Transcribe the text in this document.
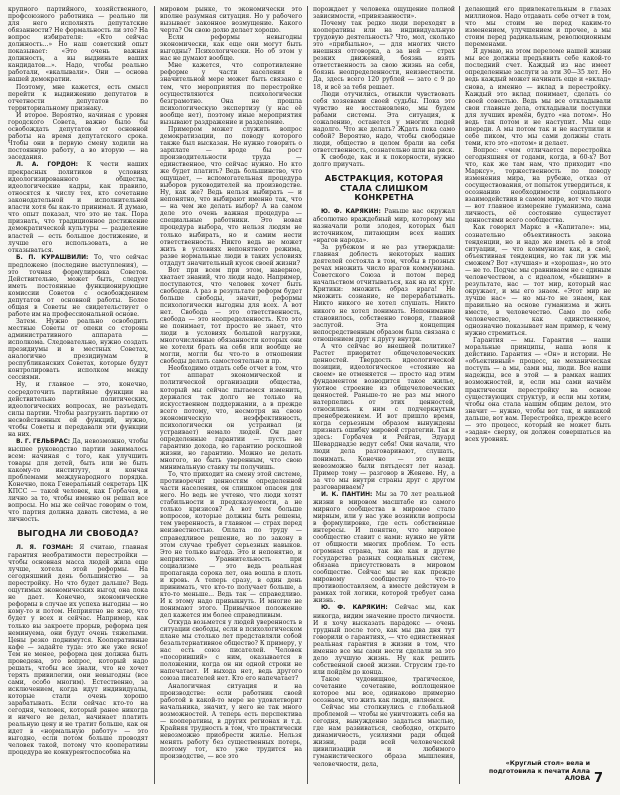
крупного партийного, хозяйственного, профсоюзного работника — реально ли для него исполнять депутатские обязанности? Не формальность ли это? На вопрос избирателя: «Кто сейчас должность...» Но наш советский опыт показывает: «Это очень важная должность, а вы выдвиньте ваших кандидатов...». Надо, чтобы реально работали, «вкалывали». Они — основа нашей демократии.

Поэтому, мне кажется, есть смысл перейти к выдвижению депутатов в отчетности депутатов по территориальному признаку.

И второе. Вероятно, начиная с уровня городского Совета, важно было бы освобождать депутатов от основной работы на время депутатского срока. Чтобы они в первую смену ходили на постоянную работу, а во вторую — на заседания.

Л. А. ГОРДОН: К чести наших прекрасных политиков в условиях идеологизированного общества, идеологические кадры, как правило, относятся к числу тех, кто сочетание законодательной и исполнительной власти хотя бы как-то принимал. Я думаю, что опыт показал, что это не так. Пора признать, что традиционное достижение демократической культуры — разделение властей — есть большое достижение, и лучше его использовать, а не отказываться.

Б. П. КУРАШВИЛИ: То, что сейчас предложено (последние выступления), — это точная формулировка Советов. Действительно, может быть, следует иметь постоянные функционирующие комиссии Советов с освобождением депутатов от основной работы. Более общая в Советы не свидетельствует о работе им на профессиональной основе.

Затем. Нужно реально освободить местные Советы от опеки со стороны административного аппарата — исполкома. Следовательно, нужно создать президиумы и в местных Советах, аналогично президиумам в республиканских Советах, которые будут контролировать исполком между сессиями.

Ну, и главное — это, конечно, сосредоточить партийные функции на действительно политических, идеологических вопросах, не разъедать силы партии. Чтобы разгрузить партию от несвойственных ей функций, нужно, чтобы Советы и передавали эти функции на них.

В. Г. ГЕЛЬБРАС: Да, невозможно, чтобы высшее руководство партии занималось всем: начиная с того, как улучшить товары для детей, быть или не быть какому-то институту, и кончая проблемами международного порядка. Конечно, пока Генеральный секретарь ЦК КПСС — такой человек, как Горбачев, и лично за то, чтобы именно он решал все вопросы. Но мы же сейчас говорим о том, что партия должна давать система, а не личность.

ВЫГОДНА ЛИ СВОБОДА?

Л. Я. ГОЗМАН: Я считаю, главная гарантия необратимости перестройки — чтобы основная масса людей жила еще лучше, хотела этой реформы. На сегодняшний день большинство — за перестройку. Но что будет дальше? Ведь ощутимых экономических выгод она пока не дает. Конечно, экономические реформы в случае их успеха выгодны — но кому-то и потом. Неприятно не ясно, что будет у всех и сейчас. Например, как только вы закроете прорыв, реформа цен неминуема, они будут очень тяжелыми. Цены резко поднимутся. Кооперативные кафе — задайте туда: это же уже ясно! Тем не менее, реформа цен должна быть проведена, это вопрос, который надо решать, чтобы все знали, что не хочет терять привилегии, они невыгодны (все сами, особо многим). Естественно, за исключением, когда идут индивидуалы, которые стали очень хорошо зарабатывать. Если сейчас кто-то на сегодня, человек, который ранее никогда и ничего не делал, начинает платить реальную цену и не тратит больше, как он идет в «нормальную работу» — это выгодно, если потом больше проводят человек такой, потому что кооперативы процедура не конкурентоспособна на

мировом рынке, то экономически это вполне разумная ситуация. Но у рабочего вызывает законное возмущение. Какого черта? Он свою долю делает хорошо.

Если реформы невыгодны экономически, как еще они могут быть выгодны? Психологически. Но об этом у нас не думают вообще.

Мне кажется, что сопротивление реформе у части населения в значительной мере может быть связано с тем, что мероприятия по перестройке осуществляются психологически безграмотно. Она не прошла психологическую экспертизу (у нас её вообще нет), поэтому иные мероприятия вызывают раздражение и разделение.

Примером может служить вопрос демократизации, по поводу которого также был высказан. Не нужно говорить о зарплате — вроде бы рост производительности труда — единственное, что сейчас нужно. Но кто же будет платить? Ведь большинство, что ощущает, — вспомогательная процедура выборов руководителей на производстве. Ну, как же? Ведь нельзя выбирать — и непонятно, что выбирают именно так, что — на чем же делать выбор? А на самом деле это очень важная процедура — специальные работники. Это новая процедура выбора, что нельзя людям не только выбирать, но и самим нести ответственность. Никто ведь не может жить в условиях непонятного режима, разве нормальные люди в таких условиях отдадут значительный кусок своей жизни?

Вот при всем при этом, наверное, хватает знаний, что люди надо. Например, поступаются, что человек хочет быть свободен. А раз в результате реформ будет больше свободы, значит, реформы психологически выгодны для всех. А вот нет. Свобода — это ответственность, свобода — это неопределенность. Кто это не понимает, тот просто не знает, что люди в условиях большой нагрузки, многочисленные обязанности которых они не хотели брать на себя или вообще не могли, могли бы что-то в отношении свободы делать самостоятельно и пр.

Необходимо отдать себе отчет в том, что тот аппарат экономической и политической организации общества, который мы сейчас пытаемся изменить, держался так долго не только на искусственном поддержании, а в прежде всего потому, что, несмотря на свою экономическую неэффективность, психологически он устраивал (и устраивает) немало людей. Он дает определенные гарантии — пусть не гарантию дохода, но гарантию роскошной жизни, но гарантию. Можно не делать многого, но быть уверенным, что свою минимальную ставку ты получишь.

То, что приходит на смену этой системе, противоречит ценностям определенной части населения, он слишком опасен для него. Но ведь не учтено, что люди хотят стабильности и предсказуемости, а не только кризисов? А вот тем больше вопросов, которые должны быть решены, тем уверенность, в главном — страх перед неизвестностью. Оплата по труду — справедливое решение, но по закону в этом случае требует серьезных навыков. Это не только выгода. Это и непонятно, и неприятно. Уравнительность при социализме — это ведь реальная пропаганда сорока лет, она вошла в плоть и кровь. А теперь сразу, в один день принимать, что кто-то получает больше, а кто-то меньше... Ведь так — справедливо. И к этому надо привыкнуть. И многие не понимают этого. Привычное положение дел кажется им более справедливым.

Откуда возьмется у людей уверенность в ситуации свободы, если в психологическом плане мы столько лет представляли собой безальтернативное общество? К примеру, у нас есть союз писателей. Человек «посоривший» с ним, оказывается в положении, когда он ни одной строки не напечатает. И выхода нет, ведь другого союза писателей нет. Кто его напечатает?

Аналогичная ситуация и на производстве: если работник своей работой в какой-то мере не удовлетворит начальника, значит, у него не так много возможностей. А теперь есть перспектива — кооперативы, в других регионах и т.д. Крайняя трудность в том, что практически невозможно приобрести жилье. Нельзя менять работу без существенных потерь, поэтому тот, кто уже трудится на производстве, — все это

порождает у человека ощущение полной зависимости, «привязанности».

Почему так редко люди переходят в кооперативы или на индивидуальную трудовую деятельность? Что, мол, сколько это «прибыльно», — для многих чисто внешняя отговорка, а за ней — страх резких движений, боязнь взять ответственность за свою жизнь на себя, боязнь неопределенности, неизвестности. Да, здесь всего 120 рублей — зато с 9 до 18, и всё за тебя решает.

Люди отучились, отвыкли чувствовать себя хозяевами своей судьбы. Пока это чувство не восстановлено, мы будем рабами системы. Эта ситуация, к сожалению, останется у многих людей надолго. Что же делать? Ждать пока само собой? Вероятно, надо, чтобы свободные люди, общество в целом брали на себя ответственность, сознательно шли на риск.

К свободе, как и к покорности, нужно долго приучать.

АБСТРАКЦИЯ, КОТОРАЯ СТАЛА СЛИШКОМ КОНКРЕТНА

Ю. Ф. КАРЯКИН: Раньше нас окружал абсолютно враждебный мир, которому мы назначали роли злодея, которых был источником, питающим всех наших «врагов народа».

За рубежом и не раз утверждали: главная доблесть некоторых наших деятелей состояла в том, чтобы в грозных речах множить число врагов коммунизма. Советского Союза и потом перед начальством отчитываться, как на их круг. Критики: множить образ врага! Не множить сознание, не перерабатывать. Никто никого не хотел слушать. Никто никого не хотел понимать. Непонимание становилось, собственно говоря, главной заслугой. Эта концепция непосредственным образом была связана с отношением друг к другу внутри.

А что сейчас во внешней политике? Растет приоритет общечеловеческих ценностей. Твердость идеологической позиции, идеологическое «стояние на своем» не отменяется — просто над этим фундаментом возводится такое жилье, уютное строение из общечеловеческих ценностей. Раньше-то не раз мы много натерпелись от этих ценностей, относились к ним с подчеркнутым пренебрежением. И вот пришло время, когда серьезным образом вынуждены признать ошибку мировой стратегии. Так и здесь: Горбачев и Рейган, Эдуард Шеварднадзе ведут себя! Они начали, что люди дела разговаривают, слушать, понимать. Конечно — это вещи невозможно были пятьдесят лет назад. Пример тому — разговор в Женеве. Ну, а за что мы внутри страны друг с другом разговариваем?

И. К. ПАНТИН: Мы за 70 лет реальной жизни в мировом масштабе из самого мирного сообщества в мировое стало мирным, или у нас уже возникли вопросы в формулировке, где есть собственные интересы. И понятно, что мировое сообщество ставит с нами: нужно не уйти от общности многих проблем. То есть огромная страна, так же как и другие государства разных социальных систем, обязана присутствовать в мировом сообществе. Сейчас мы не как прежде мировому сообществу что-то противопоставляем, а вместе действуем в рамках той логики, которой требует сама жизнь.

Ю. Ф. КАРЯКИН: Сейчас мы, как никогда, видим значение просто личности. И я хочу высказать парадокс — очень трудный после того, как мы два дня тут говорили о гарантиях, — что единственная реальная гарантия в жизни в том, что именно все мы сами нести сделали за это дело лучшую жизнь. Ну как решить собственной своей жизни. Струсим где-то или пойдём до конца.

Такое чудовищное, трагическое, сочетание сочетание, воплощенное которое мы все, одинаково примерно осознаем, что жить как люди, являемся.

Сейчас мы столкнулись с глобальной проблемой — чтобы не уничтожить себя на сегодня, вынужденно задаться мыслью, где нам развиваться, свободно, открыто динамичность, усилиями ради общей жизни, ради всей человеческой цивилизации и любимого гуманистического образа мышления, человечности, дела,

делающий его привлекательным в глазах миллионов. Надо отдавать себе отчет в том, что мы стоим не перед каким-то изменением, улучшением и прочее, а мы стоим перед радикальным, революционным переменами.

Я думаю, на этом переломе нашей жизни мы все должны предъявить себе какой-то последний счет. Каждый из нас имеет определенные заслуги за эти 30—35 лет. Но ведь каждый может начинать еще и «вклад» снова, а именно — вклад в перестройку. Каждый это вклад понимает, сделать со своей совестью. Ведь мы все откладывали свои главные дела, откладывали поступки для лучших времён, будто «на потом». Но ведь так потом и не наступит. Мы еще впереди. А мы потом так и не наступили и себе пиком, что мы сами должны стать теми, кто это «потом» и делает.

Вопрос: «чем отличается перестройка сегодняшняя от годами, когда, в 60-х? Вот что, как же там нам, что приходит «по Марксу», торжественность по поводу изменения мира, на рубеже, отказ от сосуществования, от попыток утвердиться, к осознанию необходимости социального взаимодействия в самом мире, вот что люди — вот главное измерение гуманизма, сама личность, её состояние существует ценностями всего сообщества.

Как говорил Маркс в «Капитале»: мы, сознательно объективность закона тенденции, но и надо же иметь её в этой ситуации, — что коммунизм как, в своё, объективная тенденция, но так ли уж мы сможем? Вот «лучшая» и «хорошая», но это — не то. Подчас мы сравниваем не с единым человечеством, а с идеалом, «бывшим» в результате, нас — тот мир, который нас окружает, и мы его знаем. «Этот мир не лучше нас» — но мы-то не знаем, как правильно на основе гуманизма и жить вместе, в человечество. Само по себе человечество, как единственное, однозначно показывает нам пример, к чему нужно стремиться.

Гарантия — мы. Гарантия — наши моральные принципы, наша воля к действию. Гарантия — «Он» и истории. Не «объективный» процесс, не механическая поступь — а мы, сами мы, люди. Все наши надежды, все в этой — в рамках наших возможностей, и, если мы сами начнём практически перестройку на основе существующих структур, и если мы хотим, чтобы она стала нашим общим делом, это значит — нужно, чтобы вот так, и никакой дальше, вот вам. Перестройка, прежде всего — это процесс, который не может быть «задан» сверху, он должен совершаться на всех уровнях.

«Круглый стол» вела и подготовила к печати Алла АЛОВА 7
